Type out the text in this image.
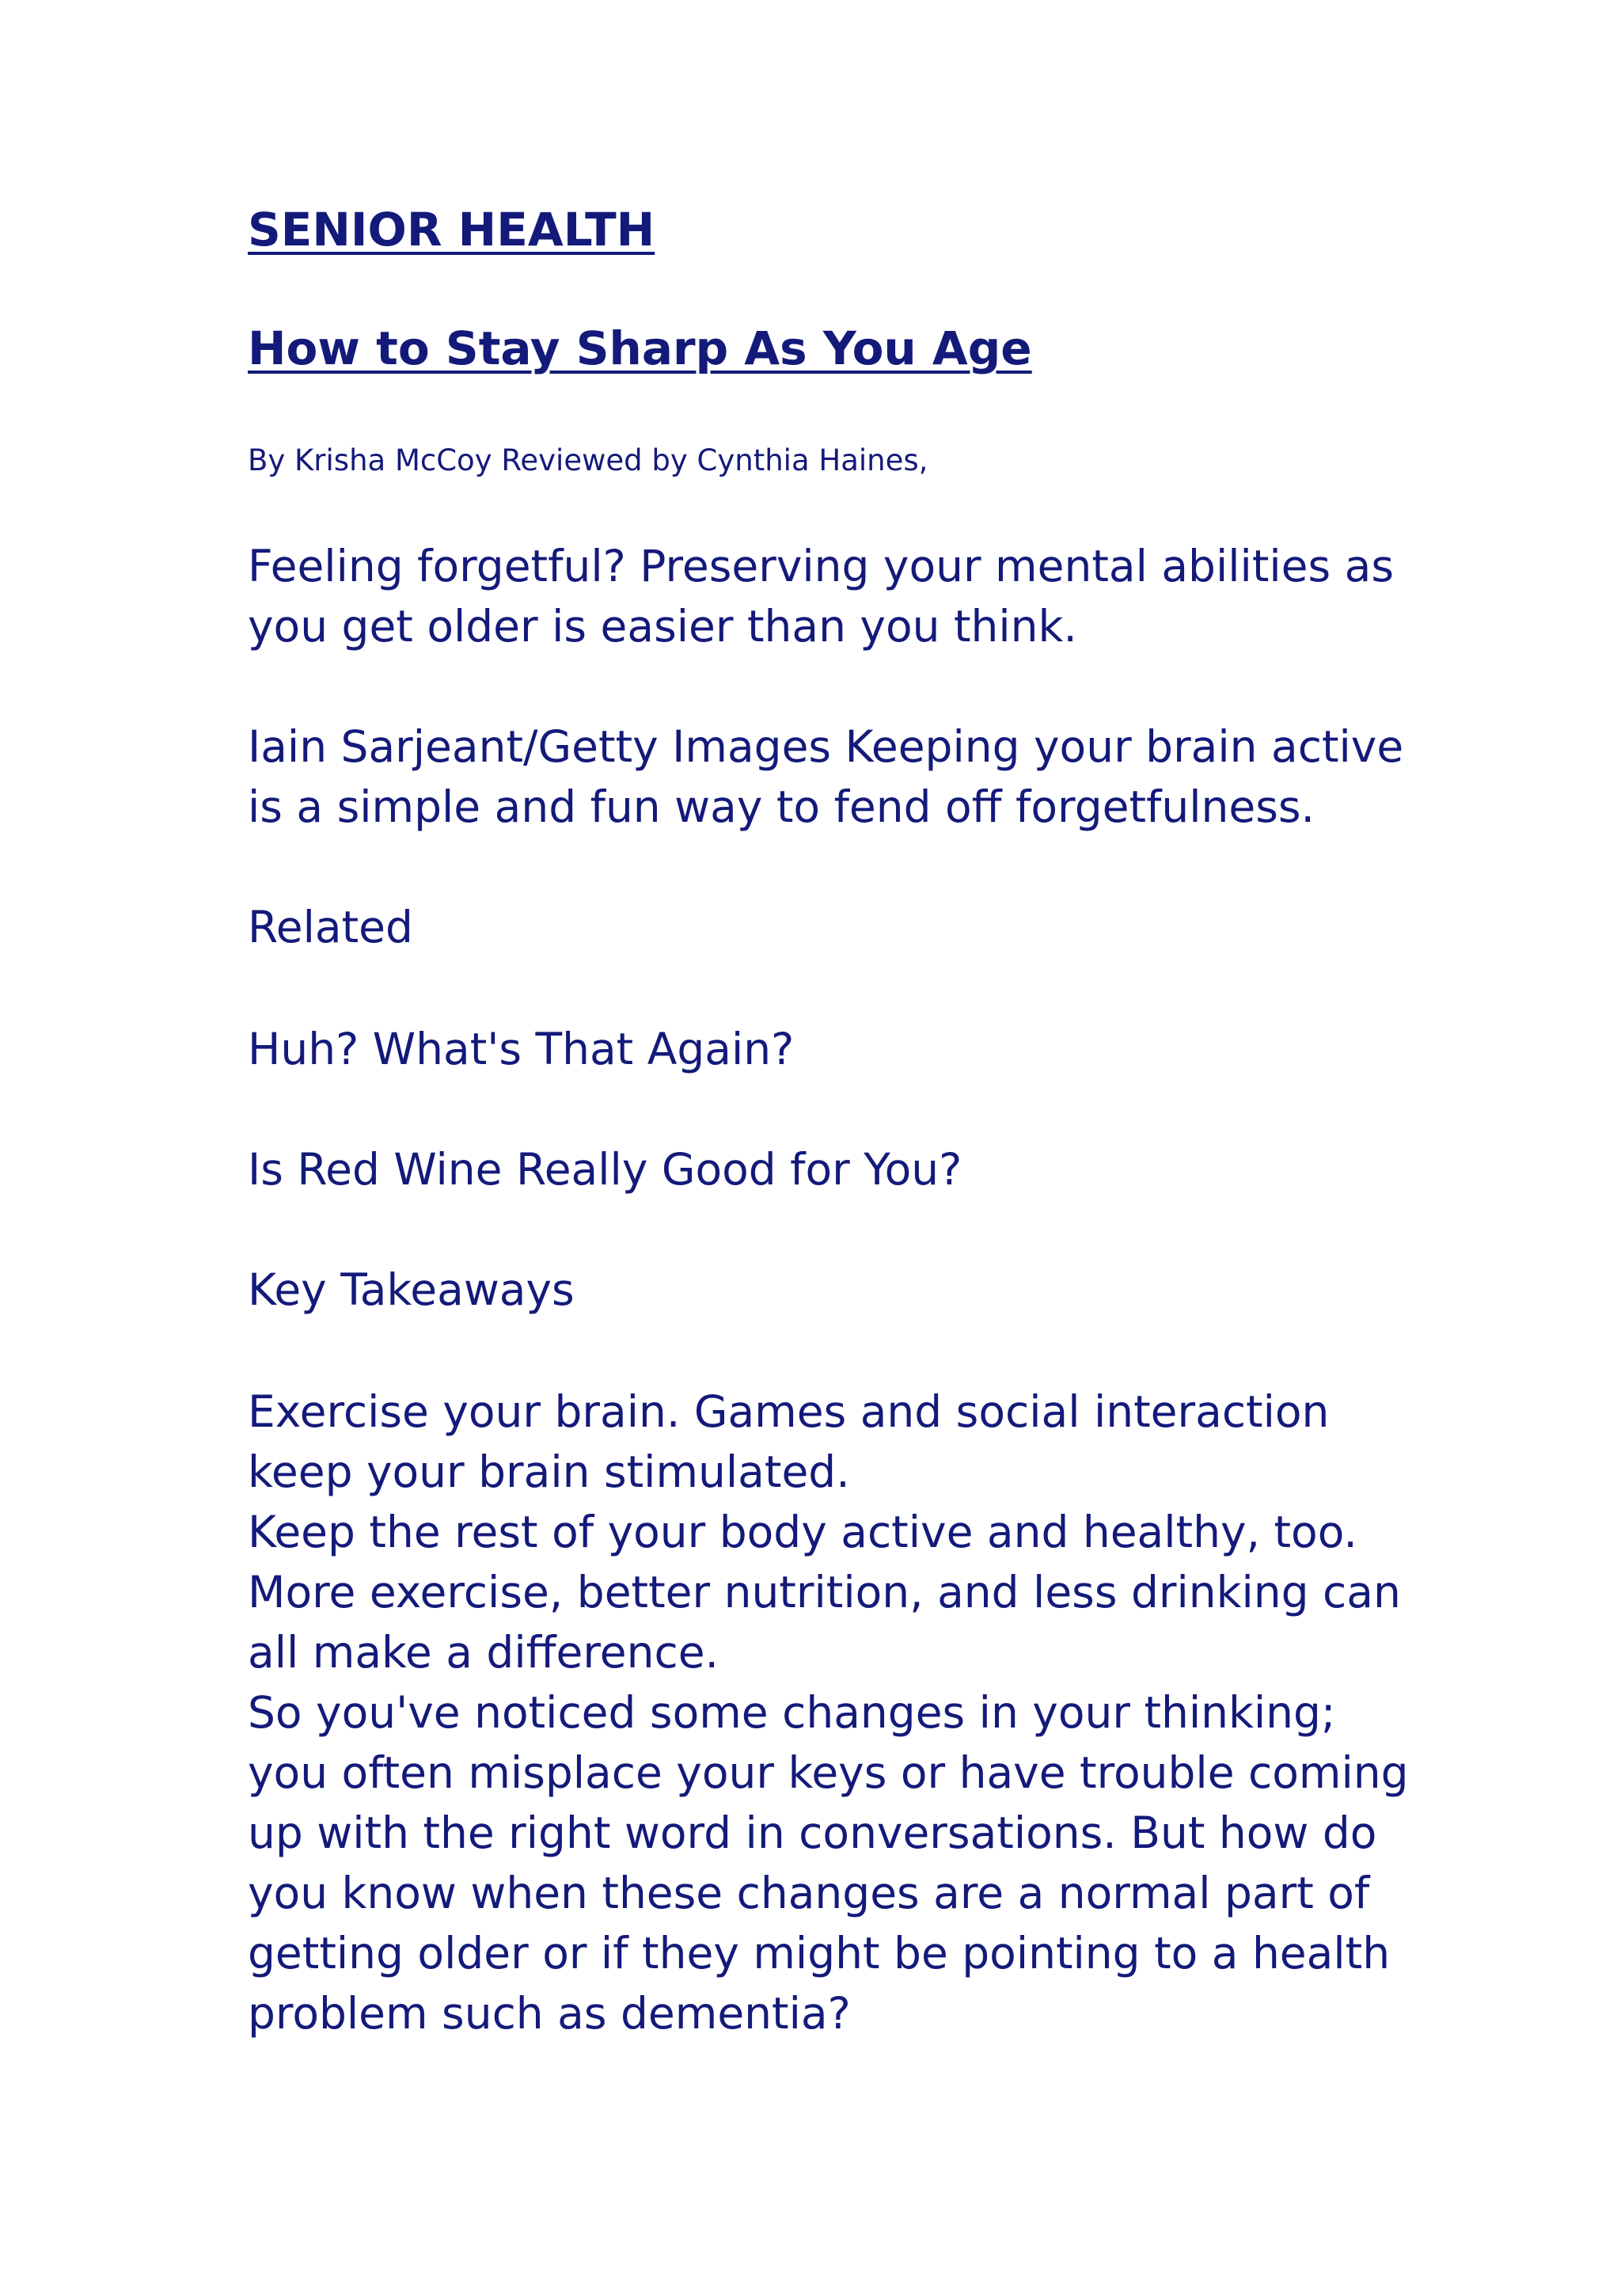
SENIOR HEALTH
How to Stay Sharp As You Age
By Krisha McCoy Reviewed by Cynthia Haines,

Feeling forgetful? Preserving your mental abilities as you get older is easier than you think.

Iain Sarjeant/Getty Images Keeping your brain active is a simple and fun way to fend off forgetfulness.

Related
Huh? What's That Again?
Is Red Wine Really Good for You?
Key Takeaways

Exercise your brain. Games and social interaction keep your brain stimulated.

Keep the rest of your body active and healthy, too. More exercise, better nutrition, and less drinking can all make a difference.

So you've noticed some changes in your thinking; you often misplace your keys or have trouble coming up with the right word in conversations. But how do you know when these changes are a normal part of getting older or if they might be pointing to a health problem such as dementia?
